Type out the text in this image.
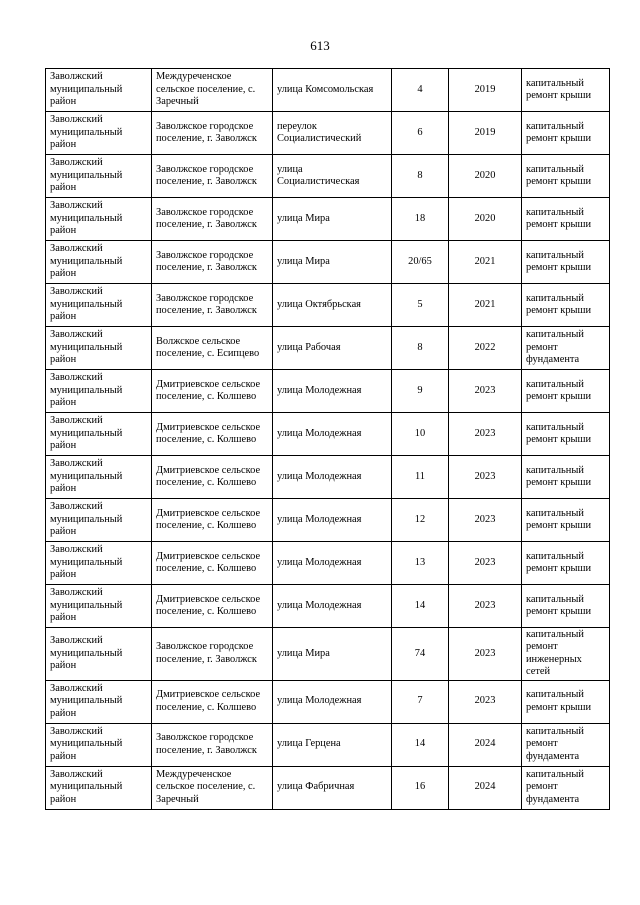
613
Заволжский муниципальный район	Междуреченское сельское поселение, с. Заречный	улица Комсомольская	4	2019	капитальный ремонт крыши
Заволжский муниципальный район	Заволжское городское поселение, г. Заволжск	переулок Социалистический	6	2019	капитальный ремонт крыши
Заволжский муниципальный район	Заволжское городское поселение, г. Заволжск	улица Социалистическая	8	2020	капитальный ремонт крыши
Заволжский муниципальный район	Заволжское городское поселение, г. Заволжск	улица Мира	18	2020	капитальный ремонт крыши
Заволжский муниципальный район	Заволжское городское поселение, г. Заволжск	улица Мира	20/65	2021	капитальный ремонт крыши
Заволжский муниципальный район	Заволжское городское поселение, г. Заволжск	улица Октябрьская	5	2021	капитальный ремонт крыши
Заволжский муниципальный район	Волжское сельское поселение, с. Есипцево	улица Рабочая	8	2022	капитальный ремонт фундамента
Заволжский муниципальный район	Дмитриевское сельское поселение, с. Колшево	улица Молодежная	9	2023	капитальный ремонт крыши
Заволжский муниципальный район	Дмитриевское сельское поселение, с. Колшево	улица Молодежная	10	2023	капитальный ремонт крыши
Заволжский муниципальный район	Дмитриевское сельское поселение, с. Колшево	улица Молодежная	11	2023	капитальный ремонт крыши
Заволжский муниципальный район	Дмитриевское сельское поселение, с. Колшево	улица Молодежная	12	2023	капитальный ремонт крыши
Заволжский муниципальный район	Дмитриевское сельское поселение, с. Колшево	улица Молодежная	13	2023	капитальный ремонт крыши
Заволжский муниципальный район	Дмитриевское сельское поселение, с. Колшево	улица Молодежная	14	2023	капитальный ремонт крыши
Заволжский муниципальный район	Заволжское городское поселение, г. Заволжск	улица Мира	74	2023	капитальный ремонт инженерных сетей
Заволжский муниципальный район	Дмитриевское сельское поселение, с. Колшево	улица Молодежная	7	2023	капитальный ремонт крыши
Заволжский муниципальный район	Заволжское городское поселение, г. Заволжск	улица Герцена	14	2024	капитальный ремонт фундамента
Заволжский муниципальный район	Междуреченское сельское поселение, с. Заречный	улица Фабричная	16	2024	капитальный ремонт фундамента
